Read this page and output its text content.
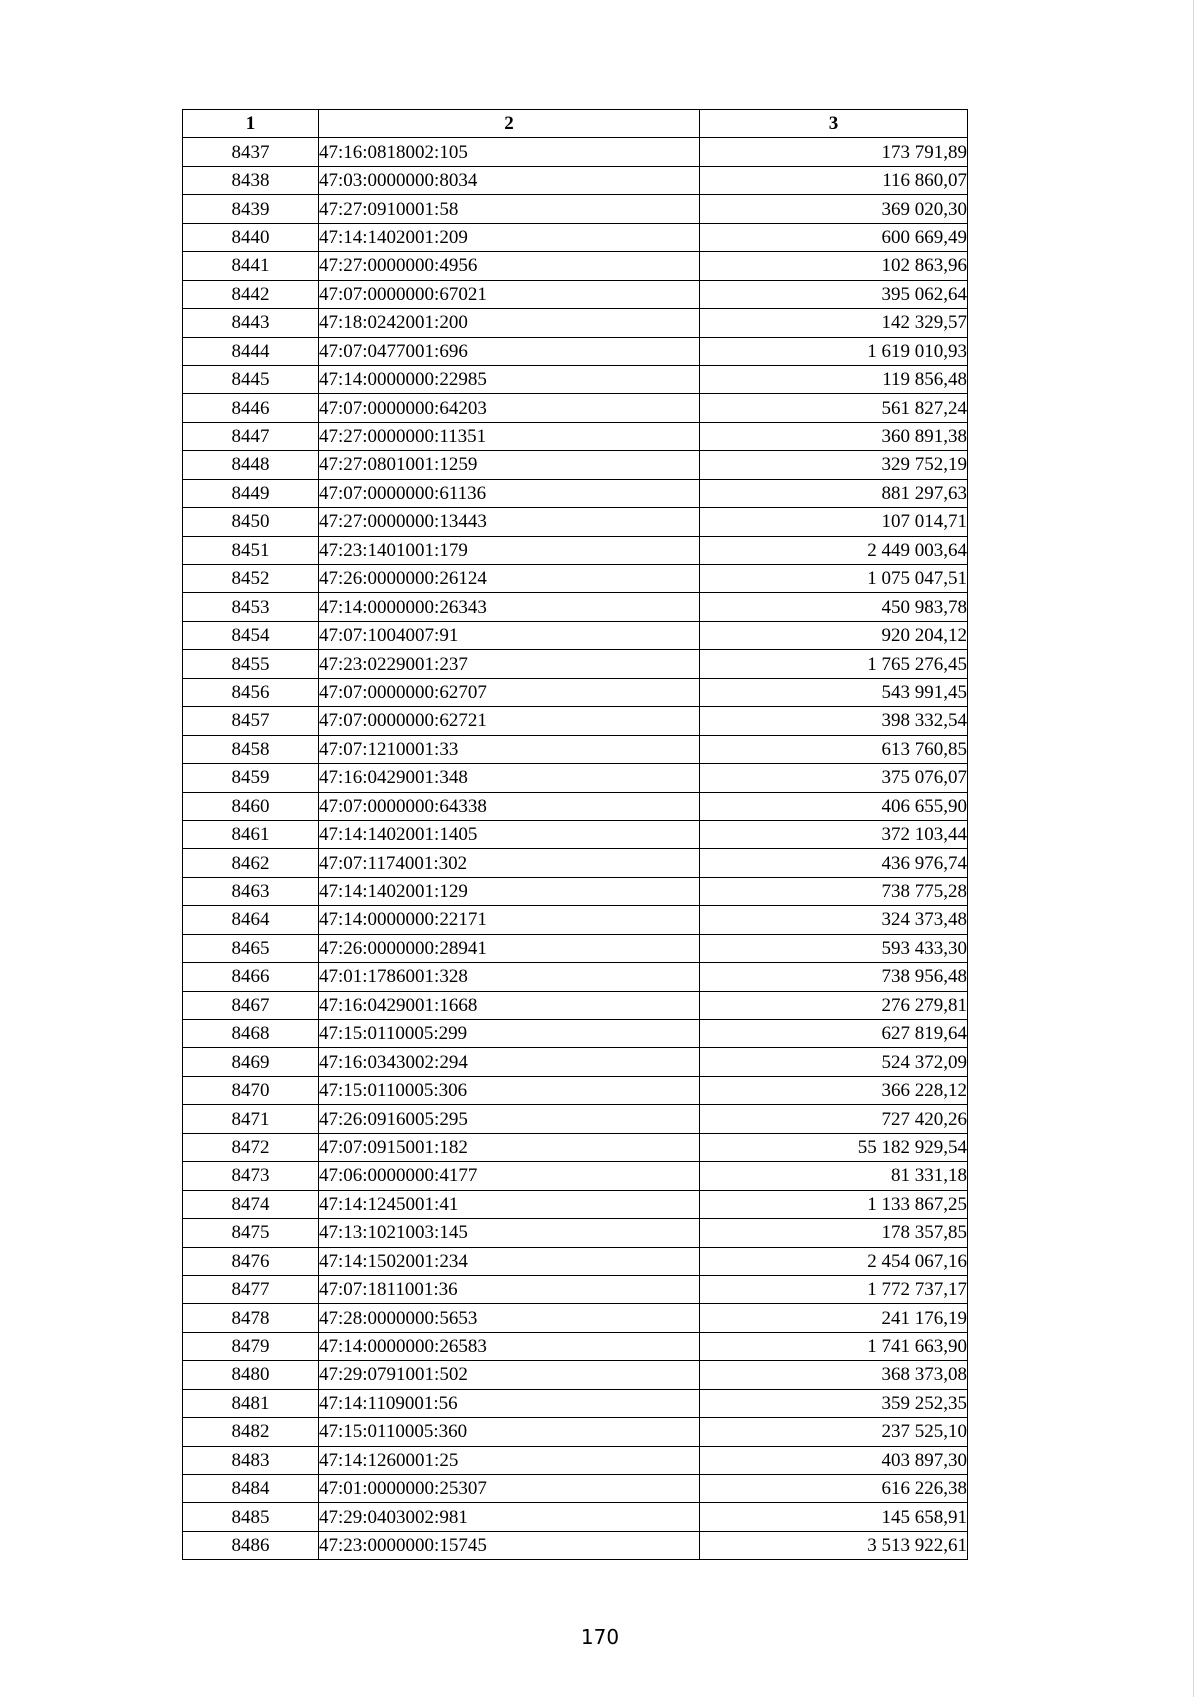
1	2	3
8437	47:16:0818002:105	173 791,89
8438	47:03:0000000:8034	116 860,07
8439	47:27:0910001:58	369 020,30
8440	47:14:1402001:209	600 669,49
8441	47:27:0000000:4956	102 863,96
8442	47:07:0000000:67021	395 062,64
8443	47:18:0242001:200	142 329,57
8444	47:07:0477001:696	1 619 010,93
8445	47:14:0000000:22985	119 856,48
8446	47:07:0000000:64203	561 827,24
8447	47:27:0000000:11351	360 891,38
8448	47:27:0801001:1259	329 752,19
8449	47:07:0000000:61136	881 297,63
8450	47:27:0000000:13443	107 014,71
8451	47:23:1401001:179	2 449 003,64
8452	47:26:0000000:26124	1 075 047,51
8453	47:14:0000000:26343	450 983,78
8454	47:07:1004007:91	920 204,12
8455	47:23:0229001:237	1 765 276,45
8456	47:07:0000000:62707	543 991,45
8457	47:07:0000000:62721	398 332,54
8458	47:07:1210001:33	613 760,85
8459	47:16:0429001:348	375 076,07
8460	47:07:0000000:64338	406 655,90
8461	47:14:1402001:1405	372 103,44
8462	47:07:1174001:302	436 976,74
8463	47:14:1402001:129	738 775,28
8464	47:14:0000000:22171	324 373,48
8465	47:26:0000000:28941	593 433,30
8466	47:01:1786001:328	738 956,48
8467	47:16:0429001:1668	276 279,81
8468	47:15:0110005:299	627 819,64
8469	47:16:0343002:294	524 372,09
8470	47:15:0110005:306	366 228,12
8471	47:26:0916005:295	727 420,26
8472	47:07:0915001:182	55 182 929,54
8473	47:06:0000000:4177	81 331,18
8474	47:14:1245001:41	1 133 867,25
8475	47:13:1021003:145	178 357,85
8476	47:14:1502001:234	2 454 067,16
8477	47:07:1811001:36	1 772 737,17
8478	47:28:0000000:5653	241 176,19
8479	47:14:0000000:26583	1 741 663,90
8480	47:29:0791001:502	368 373,08
8481	47:14:1109001:56	359 252,35
8482	47:15:0110005:360	237 525,10
8483	47:14:1260001:25	403 897,30
8484	47:01:0000000:25307	616 226,38
8485	47:29:0403002:981	145 658,91
8486	47:23:0000000:15745	3 513 922,61
170
